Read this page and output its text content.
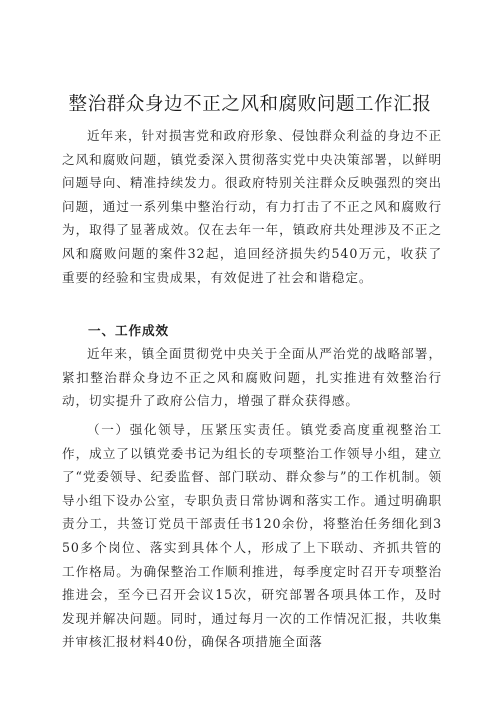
整治群众身边不正之风和腐败问题工作汇报

近年来，针对损害党和政府形象、侵蚀群众利益的身边不正之风和腐败问题，镇党委深入贯彻落实党中央决策部署，以鲜明问题导向、精准持续发力。很政府特别关注群众反映强烈的突出问题，通过一系列集中整治行动，有力打击了不正之风和腐败行为，取得了显著成效。仅在去年一年，镇政府共处理涉及不正之风和腐败问题的案件32起，追回经济损失约540万元，收获了重要的经验和宝贵成果，有效促进了社会和谐稳定。

一、工作成效

近年来，镇全面贯彻党中央关于全面从严治党的战略部署，紧扣整治群众身边不正之风和腐败问题，扎实推进有效整治行动，切实提升了政府公信力，增强了群众获得感。

（一）强化领导，压紧压实责任。镇党委高度重视整治工作，成立了以镇党委书记为组长的专项整治工作领导小组，建立了“党委领导、纪委监督、部门联动、群众参与”的工作机制。领导小组下设办公室，专职负责日常协调和落实工作。通过明确职责分工，共签订党员干部责任书120余份，将整治任务细化到350多个岗位、落实到具体个人，形成了上下联动、齐抓共管的工作格局。为确保整治工作顺利推进，每季度定时召开专项整治推进会，至今已召开会议15次，研究部署各项具体工作，及时发现并解决问题。同时，通过每月一次的工作情况汇报，共收集并审核汇报材料40份，确保各项措施全面落
